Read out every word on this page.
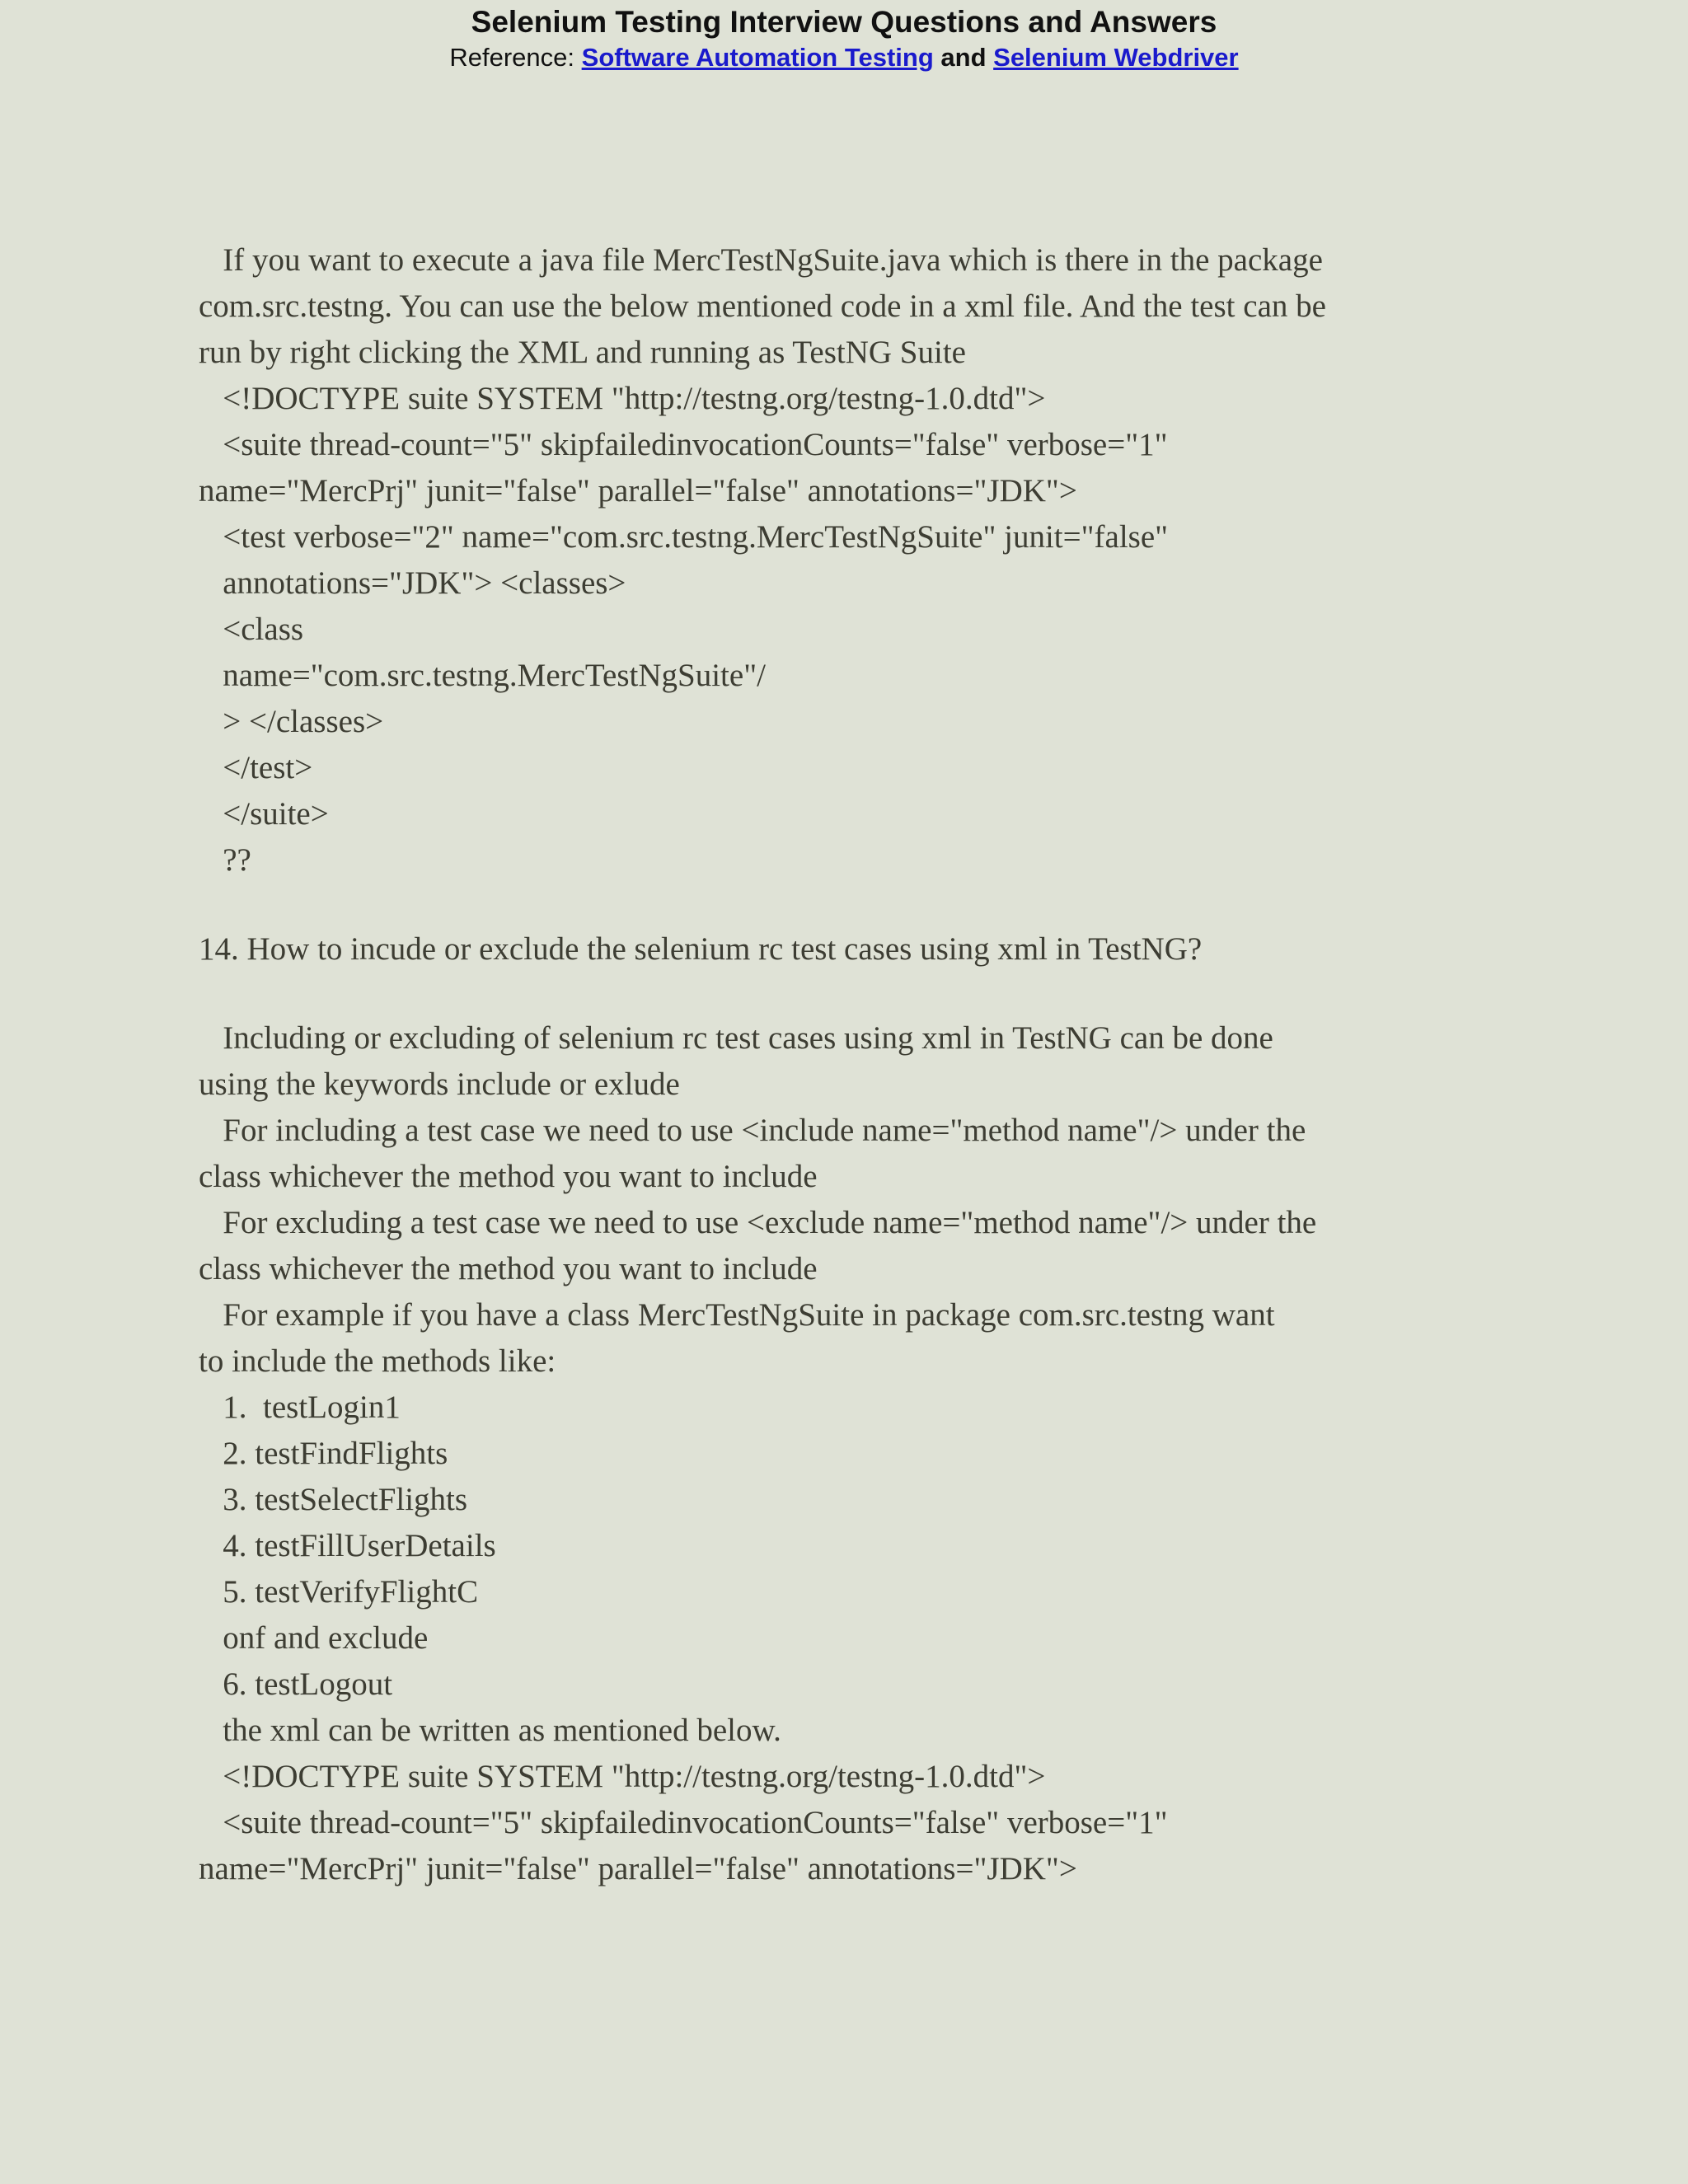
Selenium Testing Interview Questions and Answers
Reference: Software Automation Testing and Selenium Webdriver

If you want to execute a java file MercTestNgSuite.java which is there in the package

com.src.testng. You can use the below mentioned code in a xml file. And the test can be

run by right clicking the XML and running as TestNG Suite

<!DOCTYPE suite SYSTEM "http://testng.org/testng-1.0.dtd">

<suite thread-count="5" skipfailedinvocationCounts="false" verbose="1"

name="MercPrj" junit="false" parallel="false" annotations="JDK">

<test verbose="2" name="com.src.testng.MercTestNgSuite" junit="false"

annotations="JDK"> <classes>

<class

name="com.src.testng.MercTestNgSuite"/

> </classes>

</test>

</suite>

??

14. How to incude or exclude the selenium rc test cases using xml in TestNG?

Including or excluding of selenium rc test cases using xml in TestNG can be done

using the keywords include or exlude

For including a test case we need to use <include name="method name"/> under the

class whichever the method you want to include

For excluding a test case we need to use <exclude name="method name"/> under the

class whichever the method you want to include

For example if you have a class MercTestNgSuite in package com.src.testng want

to include the methods like:

1.  testLogin1

2. testFindFlights

3. testSelectFlights

4. testFillUserDetails

5. testVerifyFlightC

onf and exclude

6. testLogout

the xml can be written as mentioned below.

<!DOCTYPE suite SYSTEM "http://testng.org/testng-1.0.dtd">

<suite thread-count="5" skipfailedinvocationCounts="false" verbose="1"

name="MercPrj" junit="false" parallel="false" annotations="JDK">
